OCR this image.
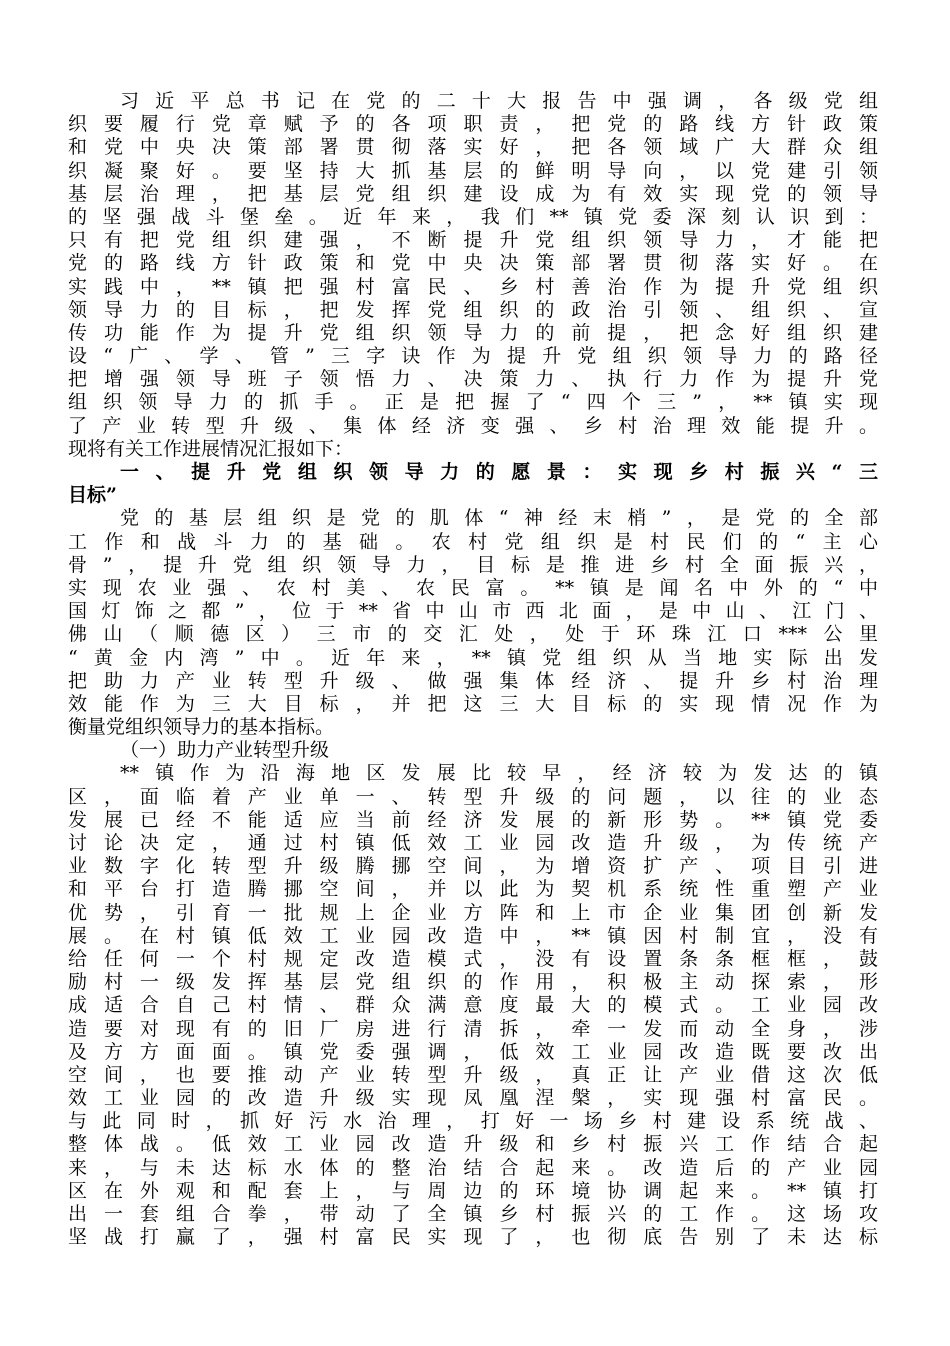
习近平总书记在党的二十大报告中强调，各级党组
织要履行党章赋予的各项职责，把党的路线方针政策
和党中央决策部署贯彻落实好，把各领域广大群众组
织凝聚好。要坚持大抓基层的鲜明导向，以党建引领
基层治理，把基层党组织建设成为有效实现党的领导
的坚强战斗堡垒。近年来，我们**镇党委深刻认识到：
只有把党组织建强，不断提升党组织领导力，才能把
党的路线方针政策和党中央决策部署贯彻落实好。在
实践中，**镇把强村富民、乡村善治作为提升党组织
领导力的目标，把发挥党组织的政治引领、组织、宣
传功能作为提升党组织领导力的前提，把念好组织建
设“广、学、管”三字诀作为提升党组织领导力的路径
把增强领导班子领悟力、决策力、执行力作为提升党
组织领导力的抓手。正是把握了“四个三”，**镇实现
了产业转型升级、集体经济变强、乡村治理效能提升。
现将有关工作进展情况汇报如下：
一、提升党组织领导力的愿景：实现乡村振兴“三
目标”
党的基层组织是党的肌体“神经末梢”，是党的全部
工作和战斗力的基础。农村党组织是村民们的“主心
骨”，提升党组织领导力，目标是推进乡村全面振兴，
实现农业强、农村美、农民富。**镇是闻名中外的“中
国灯饰之都”，位于**省中山市西北面，是中山、江门、
佛山（顺德区）三市的交汇处，处于环珠江口***公里
“黄金内湾”中。近年来，**镇党组织从当地实际出发
把助力产业转型升级、做强集体经济、提升乡村治理
效能作为三大目标，并把这三大目标的实现情况作为
衡量党组织领导力的基本指标。
（一）助力产业转型升级
**镇作为沿海地区发展比较早，经济较为发达的镇
区，面临着产业单一、转型升级的问题，以往的业态
发展已经不能适应当前经济发展的新形势。**镇党委
讨论决定，通过村镇低效工业园改造升级，为传统产
业数字化转型升级腾挪空间，为增资扩产、项目引进
和平台打造腾挪空间，并以此为契机系统性重塑产业
优势，引育一批规上企业方阵和上市企业集团创新发
展。在村镇低效工业园改造中，**镇因村制宜，没有
给任何一个村规定改造模式，没有设置条条框框，鼓
励村一级发挥基层党组织的作用，积极主动探索，形
成适合自己村情、群众满意度最大的模式。工业园改
造要对现有的旧厂房进行清拆，牵一发而动全身，涉
及方方面面。镇党委强调，低效工业园改造既要改出
空间，也要推动产业转型升级，真正让产业借这次低
效工业园的改造升级实现凤凰涅槃，实现强村富民。
与此同时，抓好污水治理，打好一场乡村建设系统战、
整体战。低效工业园改造升级和乡村振兴工作结合起
来，与未达标水体的整治结合起来。改造后的产业园
区在外观和配套上，与周边的环境协调起来。**镇打
出一套组合拳，带动了全镇乡村振兴的工作。这场攻
坚战打赢了，强村富民实现了，也彻底告别了未达标
